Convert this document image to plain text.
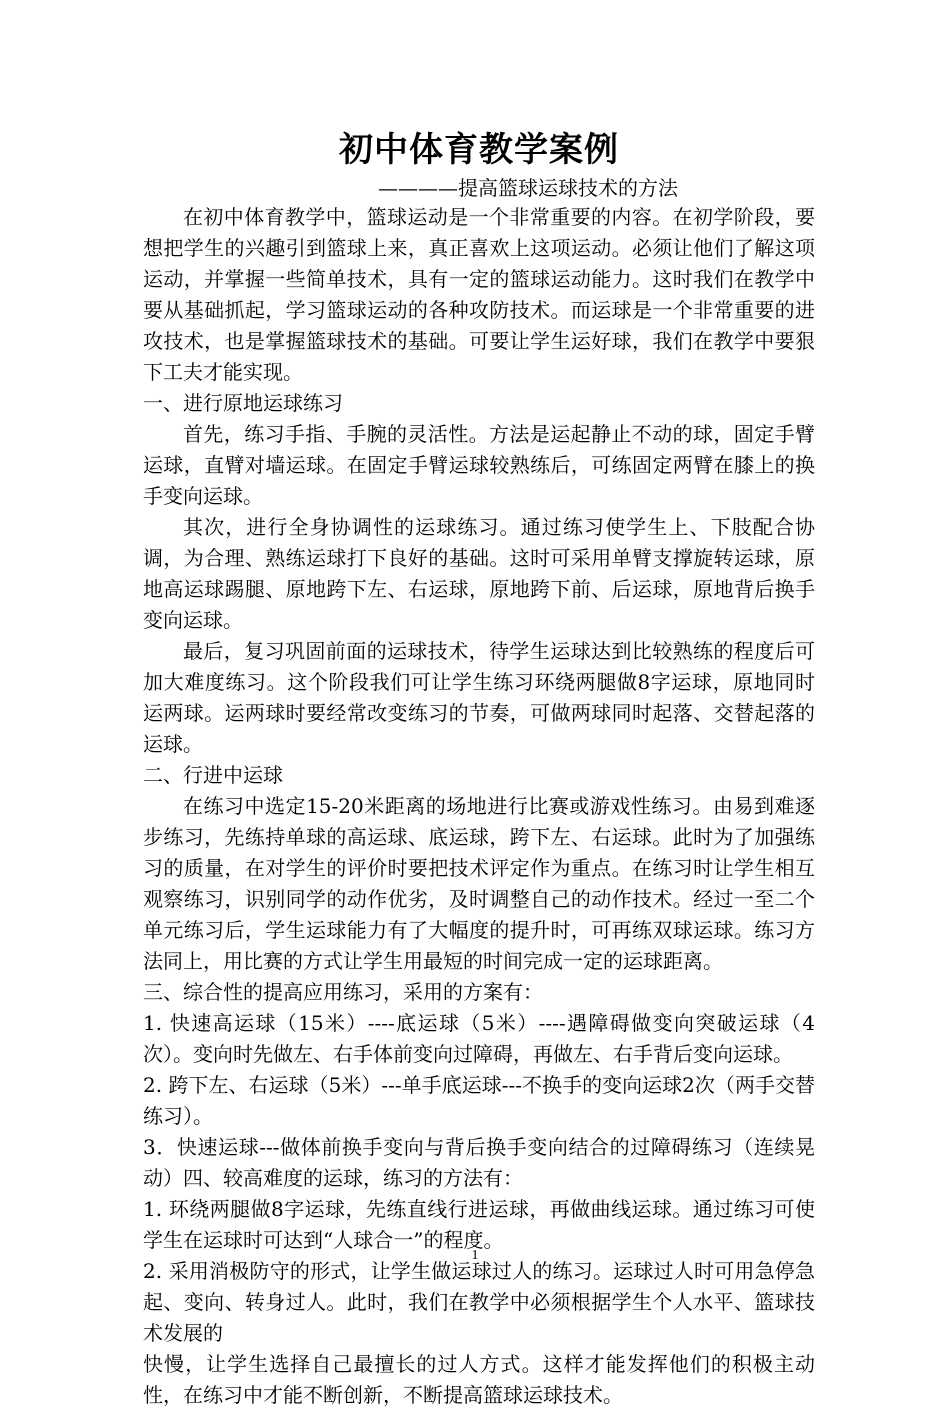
初中体育教学案例

————提高篮球运球技术的方法

在初中体育教学中，篮球运动是一个非常重要的内容。在初学阶段，要想把学生的兴趣引到篮球上来，真正喜欢上这项运动。必须让他们了解这项运动，并掌握一些简单技术，具有一定的篮球运动能力。这时我们在教学中要从基础抓起，学习篮球运动的各种攻防技术。而运球是一个非常重要的进攻技术，也是掌握篮球技术的基础。可要让学生运好球，我们在教学中要狠下工夫才能实现。

一、进行原地运球练习

首先，练习手指、手腕的灵活性。方法是运起静止不动的球，固定手臂运球，直臂对墙运球。在固定手臂运球较熟练后，可练固定两臂在膝上的换手变向运球。

其次，进行全身协调性的运球练习。通过练习使学生上、下肢配合协调，为合理、熟练运球打下良好的基础。这时可采用单臂支撑旋转运球，原地高运球踢腿、原地跨下左、右运球，原地跨下前、后运球，原地背后换手变向运球。

最后，复习巩固前面的运球技术，待学生运球达到比较熟练的程度后可加大难度练习。这个阶段我们可让学生练习环绕两腿做8字运球，原地同时运两球。运两球时要经常改变练习的节奏，可做两球同时起落、交替起落的运球。

二、行进中运球

在练习中选定15-20米距离的场地进行比赛或游戏性练习。由易到难逐步练习，先练持单球的高运球、底运球，跨下左、右运球。此时为了加强练习的质量，在对学生的评价时要把技术评定作为重点。在练习时让学生相互观察练习，识别同学的动作优劣，及时调整自己的动作技术。经过一至二个单元练习后，学生运球能力有了大幅度的提升时，可再练双球运球。练习方法同上，用比赛的方式让学生用最短的时间完成一定的运球距离。

三、综合性的提高应用练习，采用的方案有：

1. 快速高运球（15米）----底运球（5米）----遇障碍做变向突破运球（4次）。变向时先做左、右手体前变向过障碍，再做左、右手背后变向运球。

2. 跨下左、右运球（5米）---单手底运球---不换手的变向运球2次（两手交替练习）。

3．快速运球---做体前换手变向与背后换手变向结合的过障碍练习（连续晃动）四、较高难度的运球，练习的方法有：

1. 环绕两腿做8字运球，先练直线行进运球，再做曲线运球。通过练习可使学生在运球时可达到“人球合一”的程度。

2. 采用消极防守的形式，让学生做运球过人的练习。运球过人时可用急停急起、变向、转身过人。此时，我们在教学中必须根据学生个人水平、篮球技术发展的

快慢，让学生选择自己最擅长的过人方式。这样才能发挥他们的积极主动性，在练习中才能不断创新，不断提高篮球运球技术。

1
